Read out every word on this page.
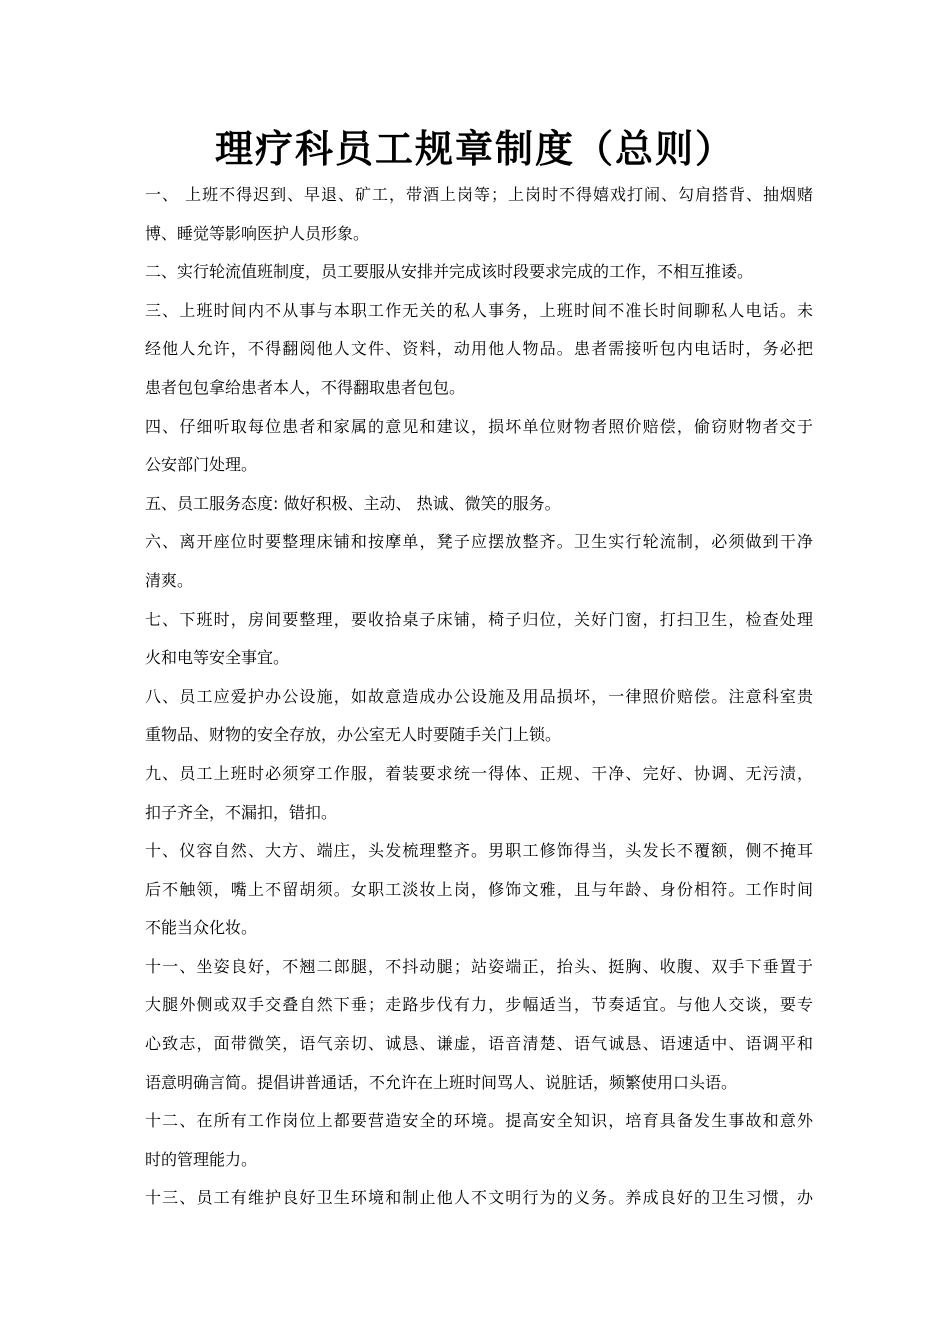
理疗科员工规章制度（总则）
一、 上班不得迟到、早退、矿工，带酒上岗等；上岗时不得嬉戏打闹、勾肩搭背、抽烟赌
博、睡觉等影响医护人员形象。
二、实行轮流值班制度，员工要服从安排并完成该时段要求完成的工作，不相互推诿。
三、上班时间内不从事与本职工作无关的私人事务，上班时间不准长时间聊私人电话。未
经他人允许，不得翻阅他人文件、资料，动用他人物品。患者需接听包内电话时，务必把
患者包包拿给患者本人，不得翻取患者包包。
四、仔细听取每位患者和家属的意见和建议，损坏单位财物者照价赔偿，偷窃财物者交于
公安部门处理。
五、员工服务态度: 做好积极、主动、 热诚、微笑的服务。
六、离开座位时要整理床铺和按摩单，凳子应摆放整齐。卫生实行轮流制，必须做到干净
清爽。
七、下班时，房间要整理，要收拾桌子床铺，椅子归位，关好门窗，打扫卫生，检查处理
火和电等安全事宜。
八、员工应爱护办公设施，如故意造成办公设施及用品损坏，一律照价赔偿。注意科室贵
重物品、财物的安全存放，办公室无人时要随手关门上锁。
九、员工上班时必须穿工作服，着装要求统一得体、正规、干净、完好、协调、无污渍，
扣子齐全，不漏扣，错扣。
十、仪容自然、大方、端庄，头发梳理整齐。男职工修饰得当，头发长不覆额，侧不掩耳
后不触领，嘴上不留胡须。女职工淡妆上岗，修饰文雅，且与年龄、身份相符。工作时间
不能当众化妆。
十一、坐姿良好，不翘二郎腿，不抖动腿；站姿端正，抬头、挺胸、收腹、双手下垂置于
大腿外侧或双手交叠自然下垂；走路步伐有力，步幅适当，节奏适宜。与他人交谈，要专
心致志，面带微笑，语气亲切、诚恳、谦虚，语音清楚、语气诚恳、语速适中、语调平和
语意明确言简。提倡讲普通话，不允许在上班时间骂人、说脏话，频繁使用口头语。
十二、在所有工作岗位上都要营造安全的环境。提高安全知识，培育具备发生事故和意外
时的管理能力。
十三、员工有维护良好卫生环境和制止他人不文明行为的义务。养成良好的卫生习惯，办
